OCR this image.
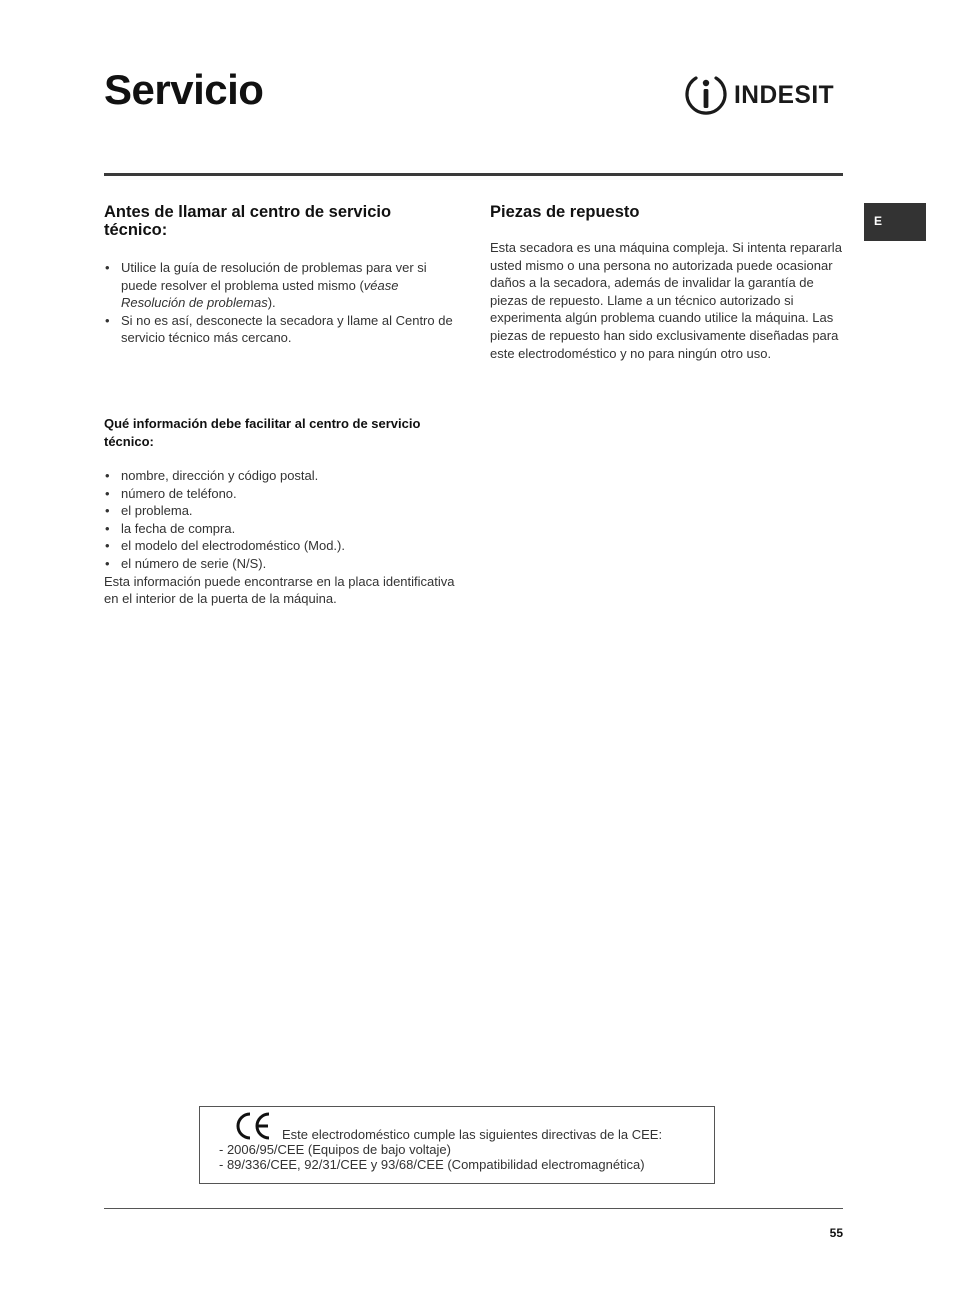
Servicio	INDESIT
E
Antes de llamar al centro de servicio técnico:
• Utilice la guía de resolución de problemas para ver si puede resolver el problema usted mismo (véase Resolución de problemas).
• Si no es así, desconecte la secadora y llame al Centro de servicio técnico más cercano.
Qué información debe facilitar al centro de servicio técnico:
• nombre, dirección y código postal.
• número de teléfono.
• el problema.
• la fecha de compra.
• el modelo del electrodoméstico (Mod.).
• el número de serie (N/S).

Esta información puede encontrarse en la placa identificativa en el interior de la puerta de la máquina.

Piezas de repuesto

Esta secadora es una máquina compleja. Si intenta repararla usted mismo o una persona no autorizada puede ocasionar daños a la secadora, además de invalidar la garantía de piezas de repuesto. Llame a un técnico autorizado si experimenta algún problema cuando utilice la máquina. Las piezas de repuesto han sido exclusivamente diseñadas para este electrodoméstico y no para ningún otro uso.

Este electrodoméstico cumple las siguientes directivas de la CEE:
- 2006/95/CEE (Equipos de bajo voltaje)
- 89/336/CEE, 92/31/CEE y 93/68/CEE (Compatibilidad electromagnética)
55
